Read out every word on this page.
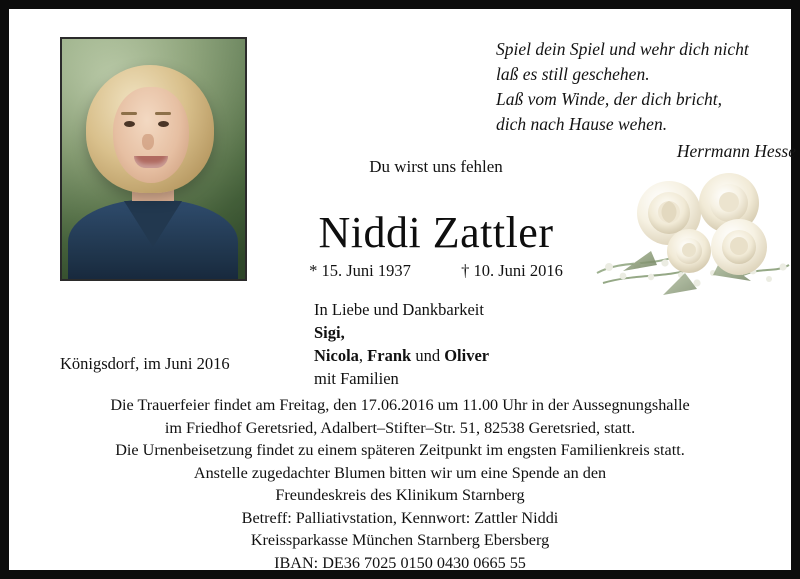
Spiel dein Spiel und wehr dich nicht
laß es still geschehen.
Laß vom Winde, der dich bricht,
dich nach Hause wehen.
Herrmann Hesse
Du wirst uns fehlen
Niddi Zattler
* 15. Juni 1937	† 10. Juni 2016
In Liebe und Dankbarkeit
Sigi,
Nicola, Frank und Oliver
mit Familien
Königsdorf, im Juni 2016
Die Trauerfeier findet am Freitag, den 17.06.2016 um 11.00 Uhr in der Aussegnungshalle
im Friedhof Geretsried, Adalbert–Stifter–Str. 51, 82538 Geretsried, statt.
Die Urnenbeisetzung findet zu einem späteren Zeitpunkt im engsten Familienkreis statt.
Anstelle zugedachter Blumen bitten wir um eine Spende an den
Freundeskreis des Klinikum Starnberg
Betreff: Palliativstation, Kennwort: Zattler Niddi
Kreissparkasse München Starnberg Ebersberg
IBAN: DE36 7025 0150 0430 0665 55
